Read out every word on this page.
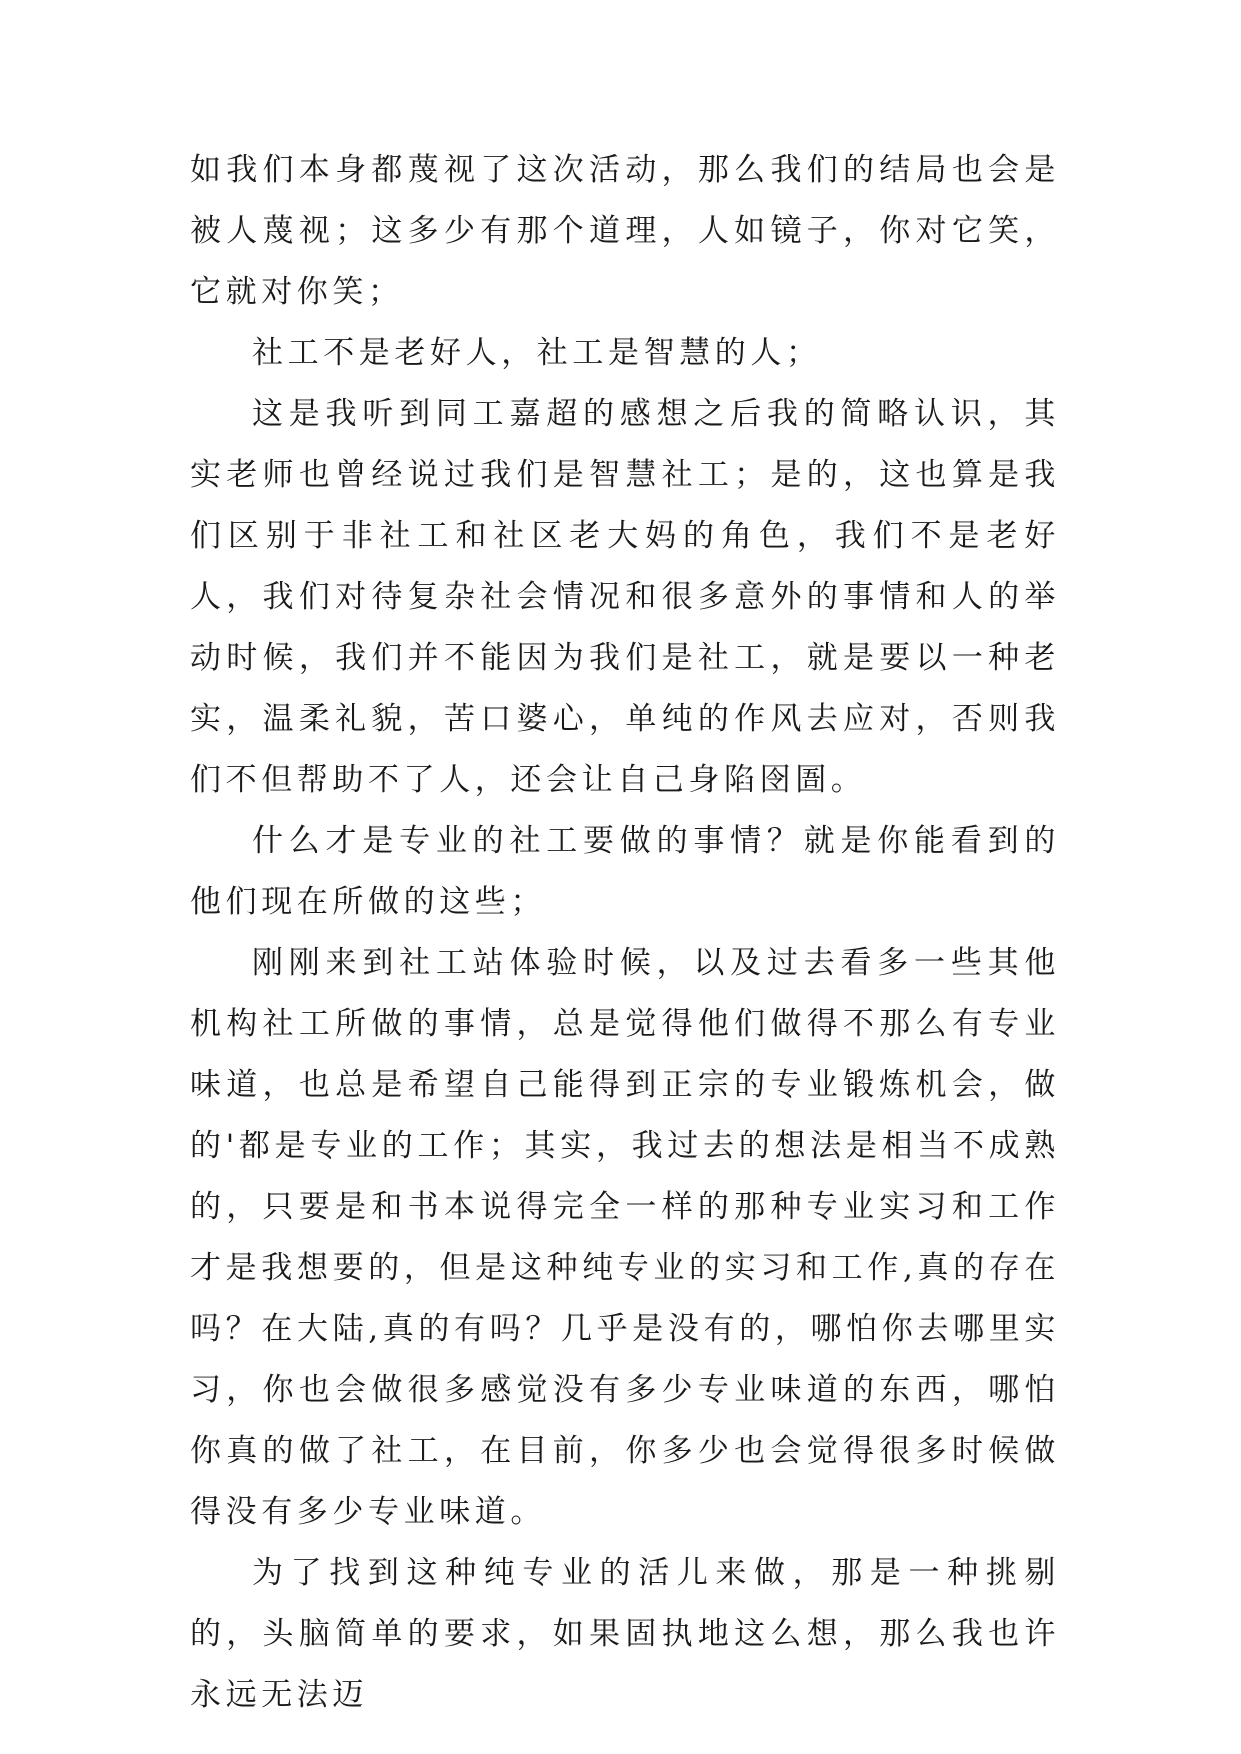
如我们本身都蔑视了这次活动，那么我们的结局也会是被人蔑视；这多少有那个道理，人如镜子，你对它笑，它就对你笑；

社工不是老好人，社工是智慧的人；

这是我听到同工嘉超的感想之后我的简略认识，其实老师也曾经说过我们是智慧社工；是的，这也算是我们区别于非社工和社区老大妈的角色，我们不是老好人，我们对待复杂社会情况和很多意外的事情和人的举动时候，我们并不能因为我们是社工，就是要以一种老实，温柔礼貌，苦口婆心，单纯的作风去应对，否则我们不但帮助不了人，还会让自己身陷囹圄。

什么才是专业的社工要做的事情？就是你能看到的他们现在所做的这些；

刚刚来到社工站体验时候，以及过去看多一些其他机构社工所做的事情，总是觉得他们做得不那么有专业味道，也总是希望自己能得到正宗的专业锻炼机会，做的'都是专业的工作；其实，我过去的想法是相当不成熟的，只要是和书本说得完全一样的那种专业实习和工作才是我想要的，但是这种纯专业的实习和工作,真的存在吗？在大陆,真的有吗？几乎是没有的，哪怕你去哪里实习，你也会做很多感觉没有多少专业味道的东西，哪怕你真的做了社工，在目前，你多少也会觉得很多时候做得没有多少专业味道。

为了找到这种纯专业的活儿来做，那是一种挑剔的，头脑简单的要求，如果固执地这么想，那么我也许永远无法迈
